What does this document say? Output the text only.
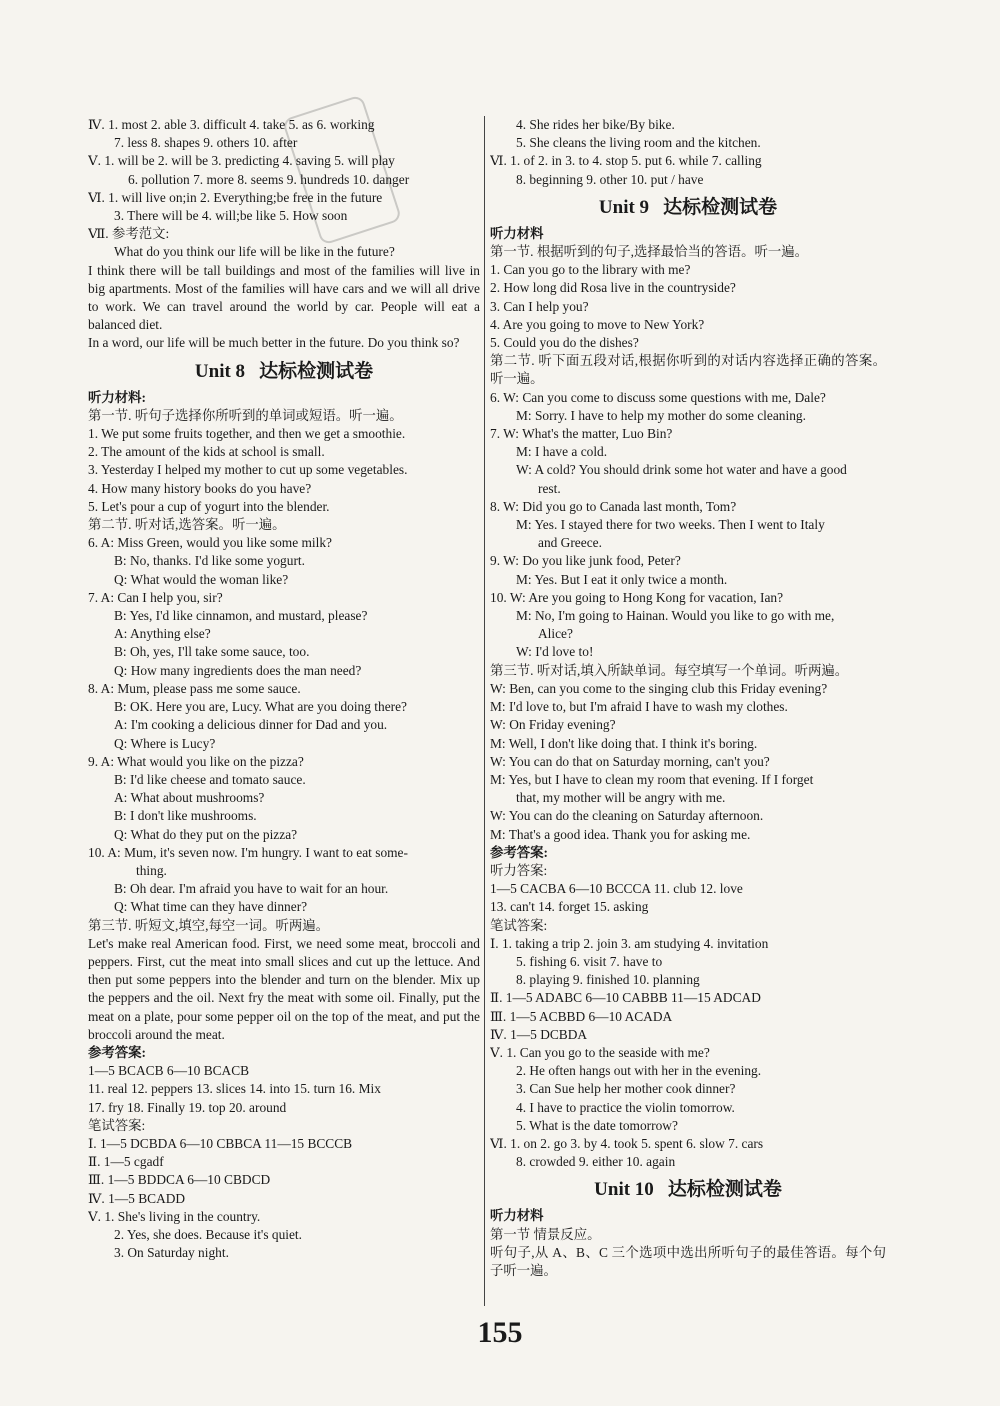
Ⅳ. 1. most 2. able 3. difficult 4. take 5. as 6. working
7. less 8. shapes 9. others 10. after
Ⅴ. 1. will be 2. will be 3. predicting 4. saving 5. will play
6. pollution 7. more 8. seems 9. hundreds 10. danger
Ⅵ. 1. will live on;in 2. Everything;be free in the future
3. There will be 4. will;be like 5. How soon
Ⅶ. 参考范文:
What do you think our life will be like in the future?
I think there will be tall buildings and most of the families will live in big apartments. Most of the families will have cars and we will all drive to work. We can travel around the world by car. People will eat a balanced diet.
In a word, our life will be much better in the future. Do you think so?
Unit 8 达标检测试卷
听力材料:
第一节. 听句子选择你所听到的单词或短语。听一遍。
1. We put some fruits together, and then we get a smoothie.
2. The amount of the kids at school is small.
3. Yesterday I helped my mother to cut up some vegetables.
4. How many history books do you have?
5. Let's pour a cup of yogurt into the blender.
第二节. 听对话,选答案。听一遍。
6. A: Miss Green, would you like some milk?
B: No, thanks. I'd like some yogurt.
Q: What would the woman like?
7. A: Can I help you, sir?
B: Yes, I'd like cinnamon, and mustard, please?
A: Anything else?
B: Oh, yes, I'll take some sauce, too.
Q: How many ingredients does the man need?
8. A: Mum, please pass me some sauce.
B: OK. Here you are, Lucy. What are you doing there?
A: I'm cooking a delicious dinner for Dad and you.
Q: Where is Lucy?
9. A: What would you like on the pizza?
B: I'd like cheese and tomato sauce.
A: What about mushrooms?
B: I don't like mushrooms.
Q: What do they put on the pizza?
10. A: Mum, it's seven now. I'm hungry. I want to eat some-
thing.
B: Oh dear. I'm afraid you have to wait for an hour.
Q: What time can they have dinner?
第三节. 听短文,填空,每空一词。听两遍。
Let's make real American food. First, we need some meat, broccoli and peppers. First, cut the meat into small slices and cut up the lettuce. And then put some peppers into the blender and turn on the blender. Mix up the peppers and the oil. Next fry the meat with some oil. Finally, put the meat on a plate, pour some pepper oil on the top of the meat, and put the broccoli around the meat.
参考答案:
1—5 BCACB 6—10 BCACB
11. real 12. peppers 13. slices 14. into 15. turn 16. Mix
17. fry 18. Finally 19. top 20. around
笔试答案:
Ⅰ. 1—5 DCBDA 6—10 CBBCA 11—15 BCCCB
Ⅱ. 1—5 cgadf
Ⅲ. 1—5 BDDCA 6—10 CBDCD
Ⅳ. 1—5 BCADD
Ⅴ. 1. She's living in the country.
2. Yes, she does. Because it's quiet.
3. On Saturday night.
4. She rides her bike/By bike.
5. She cleans the living room and the kitchen.
Ⅵ. 1. of 2. in 3. to 4. stop 5. put 6. while 7. calling
8. beginning 9. other 10. put / have
Unit 9 达标检测试卷
听力材料
第一节. 根据听到的句子,选择最恰当的答语。听一遍。
1. Can you go to the library with me?
2. How long did Rosa live in the countryside?
3. Can I help you?
4. Are you going to move to New York?
5. Could you do the dishes?
第二节. 听下面五段对话,根据你听到的对话内容选择正确的答案。听一遍。
6. W: Can you come to discuss some questions with me, Dale?
M: Sorry. I have to help my mother do some cleaning.
7. W: What's the matter, Luo Bin?
M: I have a cold.
W: A cold? You should drink some hot water and have a good
rest.
8. W: Did you go to Canada last month, Tom?
M: Yes. I stayed there for two weeks. Then I went to Italy
and Greece.
9. W: Do you like junk food, Peter?
M: Yes. But I eat it only twice a month.
10. W: Are you going to Hong Kong for vacation, Ian?
M: No, I'm going to Hainan. Would you like to go with me,
Alice?
W: I'd love to!
第三节. 听对话,填入所缺单词。每空填写一个单词。听两遍。
W: Ben, can you come to the singing club this Friday evening?
M: I'd love to, but I'm afraid I have to wash my clothes.
W: On Friday evening?
M: Well, I don't like doing that. I think it's boring.
W: You can do that on Saturday morning, can't you?
M: Yes, but I have to clean my room that evening. If I forget
that, my mother will be angry with me.
W: You can do the cleaning on Saturday afternoon.
M: That's a good idea. Thank you for asking me.
参考答案:
听力答案:
1—5 CACBA 6—10 BCCCA 11. club 12. love
13. can't 14. forget 15. asking
笔试答案:
Ⅰ. 1. taking a trip 2. join 3. am studying 4. invitation
5. fishing 6. visit 7. have to
8. playing 9. finished 10. planning
Ⅱ. 1—5 ADABC 6—10 CABBB 11—15 ADCAD
Ⅲ. 1—5 ACBBD 6—10 ACADA
Ⅳ. 1—5 DCBDA
Ⅴ. 1. Can you go to the seaside with me?
2. He often hangs out with her in the evening.
3. Can Sue help her mother cook dinner?
4. I have to practice the violin tomorrow.
5. What is the date tomorrow?
Ⅵ. 1. on 2. go 3. by 4. took 5. spent 6. slow 7. cars
8. crowded 9. either 10. again
Unit 10 达标检测试卷
听力材料
第一节 情景反应。
听句子,从 A、B、C 三个选项中选出所听句子的最佳答语。每个句子听一遍。
155
